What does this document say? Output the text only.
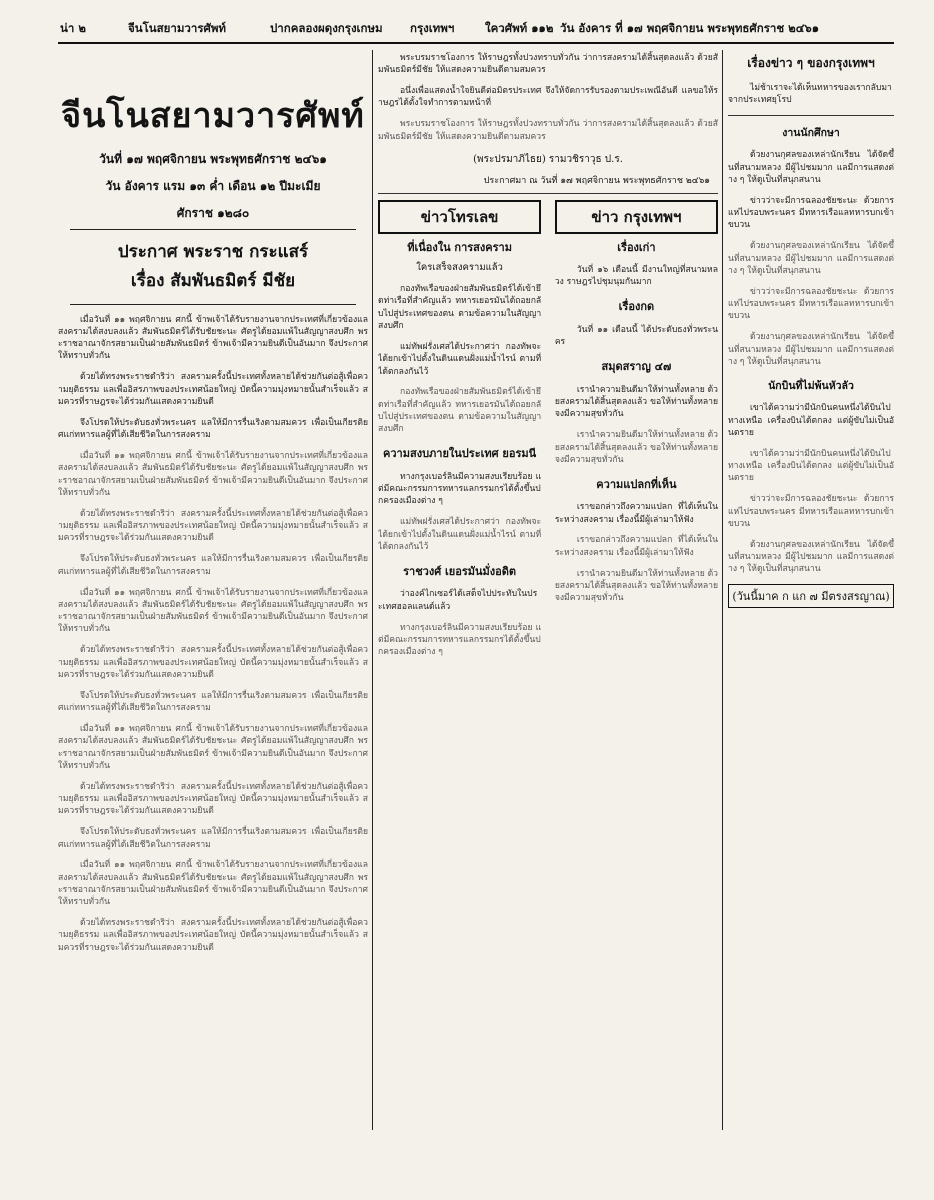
น่า ๒	จีนโนสยามวารศัพท์	ปากคลองผดุงกรุงเกษม กรุงเทพฯ	ใควศัพท์ ๑๑๒ วัน อังคาร ที่ ๑๗ พฤศจิกายน พระพุทธศักราช ๒๔๖๑
จีนโนสยามวารศัพท์
วันที่ ๑๗ พฤศจิกายน พระพุทธศักราช ๒๔๖๑
วัน อังคาร แรม ๑๓ ค่ำ เดือน ๑๒ ปีมะเมีย
ศักราช ๑๒๘๐
ประกาศ พระราช กระแสร์
เรื่อง สัมพันธมิตร์ มีชัย

เมื่อวันที่ ๑๑ พฤศจิกายน ศกนี้ ข้าพเจ้าได้รับรายงานจากประเทศที่เกี่ยวข้องแลสงครามได้สงบลงแล้ว สัมพันธมิตร์ได้รับชัยชะนะ ศัตรูได้ยอมแพ้ในสัญญาสงบศึก พระราชอาณาจักรสยามเป็นฝ่ายสัมพันธมิตร์ ข้าพเจ้ามีความยินดีเป็นอันมาก จึงประกาศให้ทราบทั่วกัน

ด้วยได้ทรงพระราชดำริว่า สงครามครั้งนี้ประเทศทั้งหลายได้ช่วยกันต่อสู้เพื่อความยุติธรรม แลเพื่ออิสรภาพของประเทศน้อยใหญ่ บัดนี้ความมุ่งหมายนั้นสำเร็จแล้ว สมควรที่ราษฎรจะได้ร่วมกันแสดงความยินดี

จึงโปรดให้ประดับธงทั่วพระนคร แลให้มีการรื่นเริงตามสมควร เพื่อเป็นเกียรติยศแก่ทหารแลผู้ที่ได้เสียชีวิตในการสงคราม

เมื่อวันที่ ๑๑ พฤศจิกายน ศกนี้ ข้าพเจ้าได้รับรายงานจากประเทศที่เกี่ยวข้องแลสงครามได้สงบลงแล้ว สัมพันธมิตร์ได้รับชัยชะนะ ศัตรูได้ยอมแพ้ในสัญญาสงบศึก พระราชอาณาจักรสยามเป็นฝ่ายสัมพันธมิตร์ ข้าพเจ้ามีความยินดีเป็นอันมาก จึงประกาศให้ทราบทั่วกัน

ด้วยได้ทรงพระราชดำริว่า สงครามครั้งนี้ประเทศทั้งหลายได้ช่วยกันต่อสู้เพื่อความยุติธรรม แลเพื่ออิสรภาพของประเทศน้อยใหญ่ บัดนี้ความมุ่งหมายนั้นสำเร็จแล้ว สมควรที่ราษฎรจะได้ร่วมกันแสดงความยินดี

จึงโปรดให้ประดับธงทั่วพระนคร แลให้มีการรื่นเริงตามสมควร เพื่อเป็นเกียรติยศแก่ทหารแลผู้ที่ได้เสียชีวิตในการสงคราม

เมื่อวันที่ ๑๑ พฤศจิกายน ศกนี้ ข้าพเจ้าได้รับรายงานจากประเทศที่เกี่ยวข้องแลสงครามได้สงบลงแล้ว สัมพันธมิตร์ได้รับชัยชะนะ ศัตรูได้ยอมแพ้ในสัญญาสงบศึก พระราชอาณาจักรสยามเป็นฝ่ายสัมพันธมิตร์ ข้าพเจ้ามีความยินดีเป็นอันมาก จึงประกาศให้ทราบทั่วกัน

ด้วยได้ทรงพระราชดำริว่า สงครามครั้งนี้ประเทศทั้งหลายได้ช่วยกันต่อสู้เพื่อความยุติธรรม แลเพื่ออิสรภาพของประเทศน้อยใหญ่ บัดนี้ความมุ่งหมายนั้นสำเร็จแล้ว สมควรที่ราษฎรจะได้ร่วมกันแสดงความยินดี

จึงโปรดให้ประดับธงทั่วพระนคร แลให้มีการรื่นเริงตามสมควร เพื่อเป็นเกียรติยศแก่ทหารแลผู้ที่ได้เสียชีวิตในการสงคราม

เมื่อวันที่ ๑๑ พฤศจิกายน ศกนี้ ข้าพเจ้าได้รับรายงานจากประเทศที่เกี่ยวข้องแลสงครามได้สงบลงแล้ว สัมพันธมิตร์ได้รับชัยชะนะ ศัตรูได้ยอมแพ้ในสัญญาสงบศึก พระราชอาณาจักรสยามเป็นฝ่ายสัมพันธมิตร์ ข้าพเจ้ามีความยินดีเป็นอันมาก จึงประกาศให้ทราบทั่วกัน

ด้วยได้ทรงพระราชดำริว่า สงครามครั้งนี้ประเทศทั้งหลายได้ช่วยกันต่อสู้เพื่อความยุติธรรม แลเพื่ออิสรภาพของประเทศน้อยใหญ่ บัดนี้ความมุ่งหมายนั้นสำเร็จแล้ว สมควรที่ราษฎรจะได้ร่วมกันแสดงความยินดี

จึงโปรดให้ประดับธงทั่วพระนคร แลให้มีการรื่นเริงตามสมควร เพื่อเป็นเกียรติยศแก่ทหารแลผู้ที่ได้เสียชีวิตในการสงคราม

เมื่อวันที่ ๑๑ พฤศจิกายน ศกนี้ ข้าพเจ้าได้รับรายงานจากประเทศที่เกี่ยวข้องแลสงครามได้สงบลงแล้ว สัมพันธมิตร์ได้รับชัยชะนะ ศัตรูได้ยอมแพ้ในสัญญาสงบศึก พระราชอาณาจักรสยามเป็นฝ่ายสัมพันธมิตร์ ข้าพเจ้ามีความยินดีเป็นอันมาก จึงประกาศให้ทราบทั่วกัน

ด้วยได้ทรงพระราชดำริว่า สงครามครั้งนี้ประเทศทั้งหลายได้ช่วยกันต่อสู้เพื่อความยุติธรรม แลเพื่ออิสรภาพของประเทศน้อยใหญ่ บัดนี้ความมุ่งหมายนั้นสำเร็จแล้ว สมควรที่ราษฎรจะได้ร่วมกันแสดงความยินดี

พระบรมราชโองการ ให้ราษฎรทั้งปวงทราบทั่วกัน ว่าการสงครามได้สิ้นสุดลงแล้ว ด้วยสัมพันธมิตร์มีชัย ให้แสดงความยินดีตามสมควร

อนึ่งเพื่อแสดงน้ำใจยินดีต่อมิตรประเทศ จึงให้จัดการรับรองตามประเพณีอันดี แลขอให้ราษฎรได้ตั้งใจทำการตามหน้าที่

พระบรมราชโองการ ให้ราษฎรทั้งปวงทราบทั่วกัน ว่าการสงครามได้สิ้นสุดลงแล้ว ด้วยสัมพันธมิตร์มีชัย ให้แสดงความยินดีตามสมควร

(พระปรมาภิไธย) รามวชิราวุธ ป.ร.
ประกาศมา ณ วันที่ ๑๗ พฤศจิกายน พระพุทธศักราช ๒๔๖๑
ข่าวโทรเลข
ที่เนื่องใน การสงคราม
ใครเสร็จสงครามแล้ว

กองทัพเรือของฝ่ายสัมพันธมิตร์ได้เข้ายึดท่าเรือที่สำคัญแล้ว ทหารเยอรมันได้ถอยกลับไปสู่ประเทศของตน ตามข้อความในสัญญาสงบศึก

แม่ทัพฝรั่งเศสได้ประกาศว่า กองทัพจะได้ยกเข้าไปตั้งในดินแดนฝั่งแม่น้ำไรน์ ตามที่ได้ตกลงกันไว้

กองทัพเรือของฝ่ายสัมพันธมิตร์ได้เข้ายึดท่าเรือที่สำคัญแล้ว ทหารเยอรมันได้ถอยกลับไปสู่ประเทศของตน ตามข้อความในสัญญาสงบศึก

ความสงบภายในประเทศ ยอรมนี

ทางกรุงเบอร์ลินมีความสงบเรียบร้อย แต่มีคณะกรรมการทหารแลกรรมกรได้ตั้งขึ้นปกครองเมืองต่าง ๆ

แม่ทัพฝรั่งเศสได้ประกาศว่า กองทัพจะได้ยกเข้าไปตั้งในดินแดนฝั่งแม่น้ำไรน์ ตามที่ได้ตกลงกันไว้

ราชวงศ์ เยอรมันมั่งอดิต

ว่าองค์ไกเซอร์ได้เสด็จไปประทับในประเทศฮอลแลนด์แล้ว

ทางกรุงเบอร์ลินมีความสงบเรียบร้อย แต่มีคณะกรรมการทหารแลกรรมกรได้ตั้งขึ้นปกครองเมืองต่าง ๆ

ข่าว กรุงเทพฯ
เรื่องเก่า

วันที่ ๑๖ เดือนนี้ มีงานใหญ่ที่สนามหลวง ราษฎรไปชุมนุมกันมาก

เรื่องกด

วันที่ ๑๑ เดือนนี้ ได้ประดับธงทั่วพระนคร

สมุดสราญ ๔๗

เรานำความยินดีมาให้ท่านทั้งหลาย ด้วยสงครามได้สิ้นสุดลงแล้ว ขอให้ท่านทั้งหลายจงมีความสุขทั่วกัน

เรานำความยินดีมาให้ท่านทั้งหลาย ด้วยสงครามได้สิ้นสุดลงแล้ว ขอให้ท่านทั้งหลายจงมีความสุขทั่วกัน

ความแปลกที่เห็น

เราขอกล่าวถึงความแปลก ที่ได้เห็นในระหว่างสงคราม เรื่องนี้มีผู้เล่ามาให้ฟัง

เราขอกล่าวถึงความแปลก ที่ได้เห็นในระหว่างสงคราม เรื่องนี้มีผู้เล่ามาให้ฟัง

เรานำความยินดีมาให้ท่านทั้งหลาย ด้วยสงครามได้สิ้นสุดลงแล้ว ขอให้ท่านทั้งหลายจงมีความสุขทั่วกัน

เรื่องข่าว ๆ ของกรุงเทพฯ

ไม่ช้าเราจะได้เห็นทหารของเรากลับมาจากประเทศยุโรป

งานนักศึกษา

ด้วยงานกุศลของเหล่านักเรียน ได้จัดขึ้นที่สนามหลวง มีผู้ไปชมมาก แลมีการแสดงต่าง ๆ ให้ดูเป็นที่สนุกสนาน

ข่าวว่าจะมีการฉลองชัยชะนะ ด้วยการแห่ไปรอบพระนคร มีทหารเรือแลทหารบกเข้าขบวน

ด้วยงานกุศลของเหล่านักเรียน ได้จัดขึ้นที่สนามหลวง มีผู้ไปชมมาก แลมีการแสดงต่าง ๆ ให้ดูเป็นที่สนุกสนาน

ข่าวว่าจะมีการฉลองชัยชะนะ ด้วยการแห่ไปรอบพระนคร มีทหารเรือแลทหารบกเข้าขบวน

ด้วยงานกุศลของเหล่านักเรียน ได้จัดขึ้นที่สนามหลวง มีผู้ไปชมมาก แลมีการแสดงต่าง ๆ ให้ดูเป็นที่สนุกสนาน

นักบินที่ไม่พ้นหัวลัว

เขาได้ความว่ามีนักบินคนหนึ่งได้บินไปทางเหนือ เครื่องบินได้ตกลง แต่ผู้ขับไม่เป็นอันตราย

เขาได้ความว่ามีนักบินคนหนึ่งได้บินไปทางเหนือ เครื่องบินได้ตกลง แต่ผู้ขับไม่เป็นอันตราย

ข่าวว่าจะมีการฉลองชัยชะนะ ด้วยการแห่ไปรอบพระนคร มีทหารเรือแลทหารบกเข้าขบวน

ด้วยงานกุศลของเหล่านักเรียน ได้จัดขึ้นที่สนามหลวง มีผู้ไปชมมาก แลมีการแสดงต่าง ๆ ให้ดูเป็นที่สนุกสนาน

(วันนี้มาค ก แก ๗ มีตรงสรญาณ)
